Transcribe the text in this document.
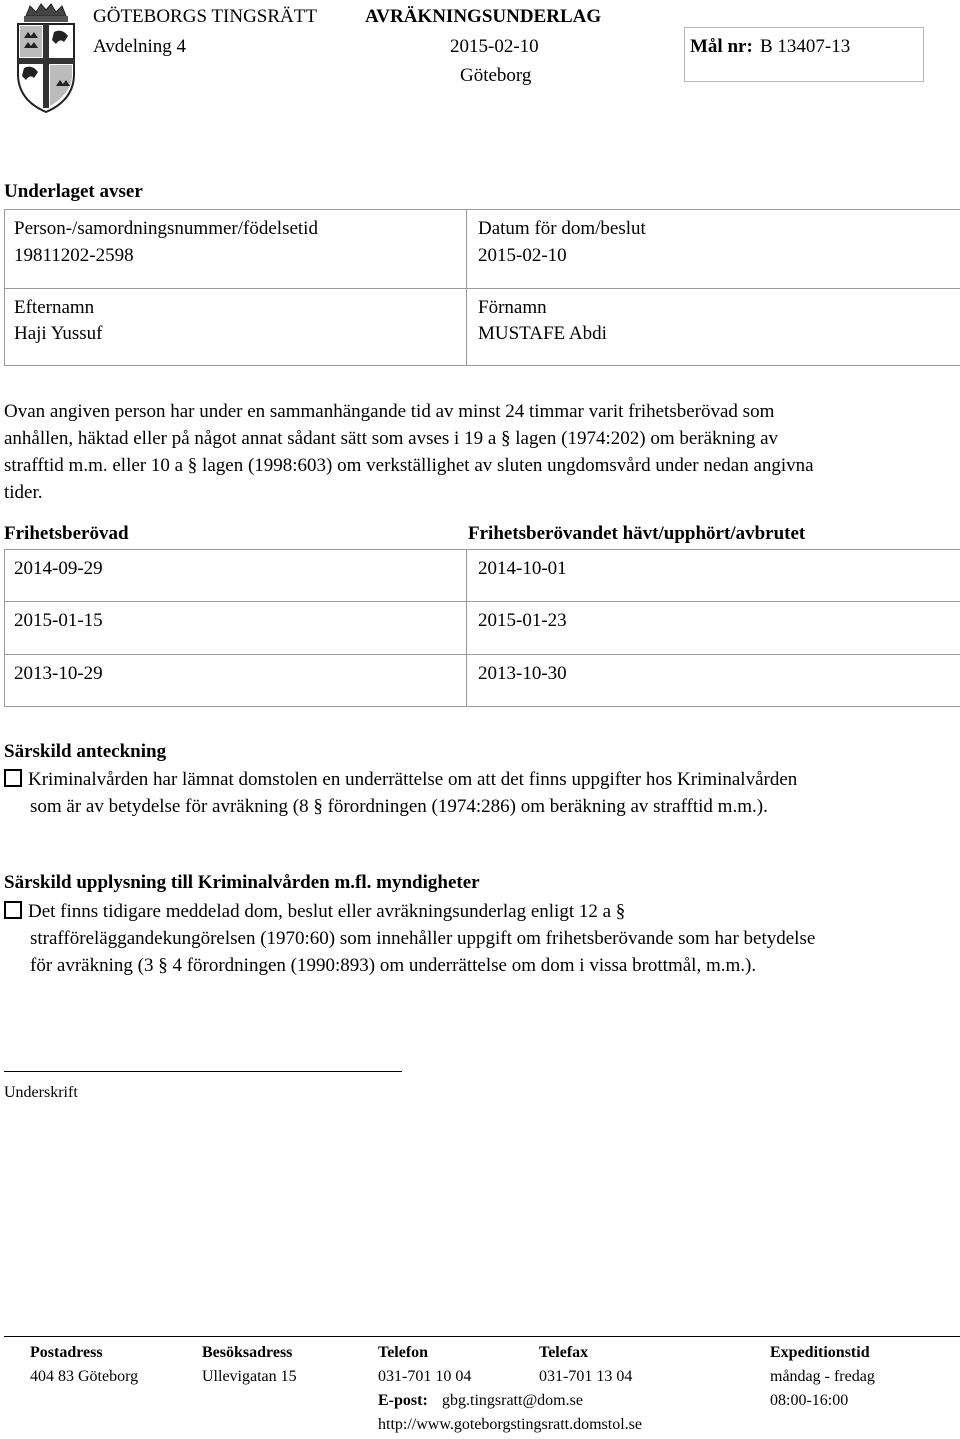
GÖTEBORGS TINGSRÄTT	AVRÄKNINGSUNDERLAG
Avdelning 4	2015-02-10
Göteborg
Mål nr: B 13407-13
Underlaget avser
Person-/samordningsnummer/födelsetid
19811202-2598
Datum för dom/beslut
2015-02-10
Efternamn
Haji Yussuf
Förnamn
MUSTAFE Abdi
Ovan angiven person har under en sammanhängande tid av minst 24 timmar varit frihetsberövad som
anhållen, häktad eller på något annat sådant sätt som avses i 19 a § lagen (1974:202) om beräkning av
strafftid m.m. eller 10 a § lagen (1998:603) om verkställighet av sluten ungdomsvård under nedan angivna
tider.
Frihetsberövad	Frihetsberövandet hävt/upphört/avbrutet
2014-09-29	2014-10-01
2015-01-15	2015-01-23
2013-10-29	2013-10-30
Särskild anteckning
Kriminalvården har lämnat domstolen en underrättelse om att det finns uppgifter hos Kriminalvården
som är av betydelse för avräkning (8 § förordningen (1974:286) om beräkning av strafftid m.m.).
Särskild upplysning till Kriminalvården m.fl. myndigheter
Det finns tidigare meddelad dom, beslut eller avräkningsunderlag enligt 12 a §
strafföreläggandekungörelsen (1970:60) som innehåller uppgift om frihetsberövande som har betydelse
för avräkning (3 § 4 förordningen (1990:893) om underrättelse om dom i vissa brottmål, m.m.).
Underskrift
Postadress
404 83 Göteborg
Besöksadress
Ullevigatan 15
Telefon
031-701 10 04
Telefax
031-701 13 04
E-post: gbg.tingsratt@dom.se
http://www.goteborgstingsratt.domstol.se
Expeditionstid
måndag - fredag
08:00-16:00
